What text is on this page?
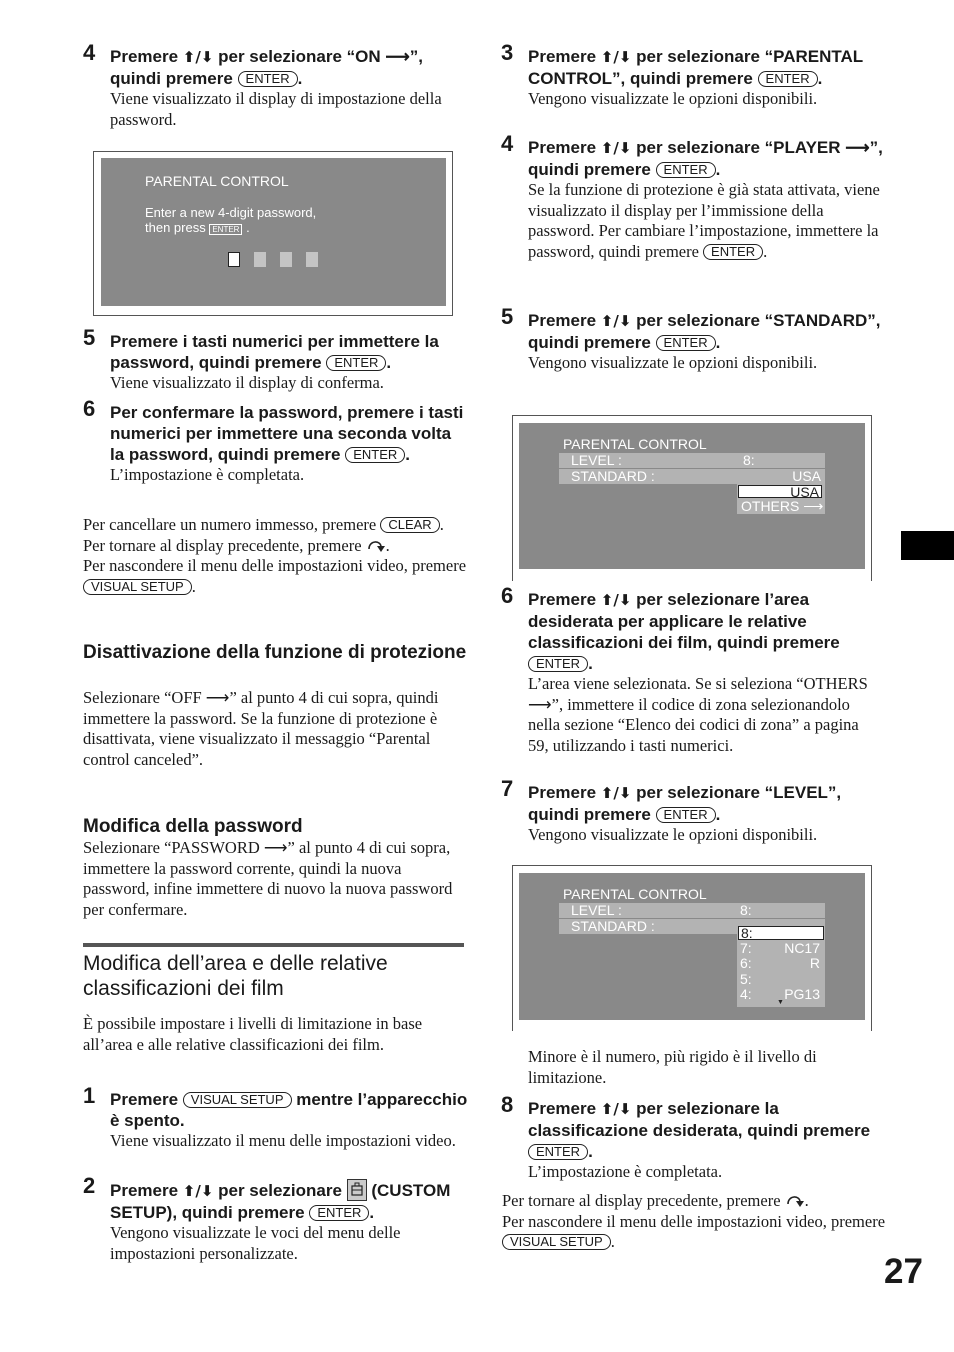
4 Premere ⬆/⬇ per selezionare “ON ⟶”, quindi premere ENTER .
Viene visualizzato il display di impostazione della password.
PARENTAL CONTROL
Enter a new 4-digit password,
then press ENTER .
5 Premere i tasti numerici per immettere la password, quindi premere ENTER .
Viene visualizzato il display di conferma.
6 Per confermare la password, premere i tasti numerici per immettere una seconda volta la password, quindi premere ENTER .
L’impostazione è completata.
Per cancellare un numero immesso, premere CLEAR .
Per tornare al display precedente, premere .
Per nascondere il menu delle impostazioni video, premere VISUAL SETUP .
Disattivazione della funzione di protezione
Selezionare “OFF ⟶” al punto 4 di cui sopra, quindi immettere la password. Se la funzione di protezione è disattivata, viene visualizzato il messaggio “Parental control canceled”.
Modifica della password
Selezionare “PASSWORD ⟶” al punto 4 di cui sopra, immettere la password corrente, quindi la nuova password, infine immettere di nuovo la nuova password per confermare.
Modifica dell’area e delle relative classificazioni dei film
È possibile impostare i livelli di limitazione in base all’area e alle relative classificazioni dei film.
1 Premere VISUAL SETUP mentre l’apparecchio è spento.
Viene visualizzato il menu delle impostazioni video.
2 Premere ⬆/⬇ per selezionare  (CUSTOM SETUP), quindi premere ENTER .
Vengono visualizzate le voci del menu delle impostazioni personalizzate.
3 Premere ⬆/⬇ per selezionare “PARENTAL CONTROL”, quindi premere ENTER .
Vengono visualizzate le opzioni disponibili.
4 Premere ⬆/⬇ per selezionare “PLAYER ⟶”, quindi premere ENTER .
Se la funzione di protezione è già stata attivata, viene visualizzato il display per l’immissione della password. Per cambiare l’impostazione, immettere la password, quindi premere ENTER .
5 Premere ⬆/⬇ per selezionare “STANDARD”, quindi premere ENTER .
Vengono visualizzate le opzioni disponibili.
PARENTAL CONTROL
LEVEL :	8:
STANDARD :	USA
USA
OTHERS ⟶
6 Premere ⬆/⬇ per selezionare l’area desiderata per applicare le relative classificazioni dei film, quindi premere ENTER .
L’area viene selezionata. Se si seleziona “OTHERS ⟶”, immettere il codice di zona selezionandolo nella sezione “Elenco dei codici di zona” a pagina 59, utilizzando i tasti numerici.
7 Premere ⬆/⬇ per selezionare “LEVEL”, quindi premere ENTER .
Vengono visualizzate le opzioni disponibili.
PARENTAL CONTROL
LEVEL :	8:
STANDARD :	8:
7: NC17
6:	R
5:
4: PG13
▼
Minore è il numero, più rigido è il livello di limitazione.
8 Premere ⬆/⬇ per selezionare la classificazione desiderata, quindi premere ENTER .
L’impostazione è completata.
Per tornare al display precedente, premere .
Per nascondere il menu delle impostazioni video, premere VISUAL SETUP .
27
